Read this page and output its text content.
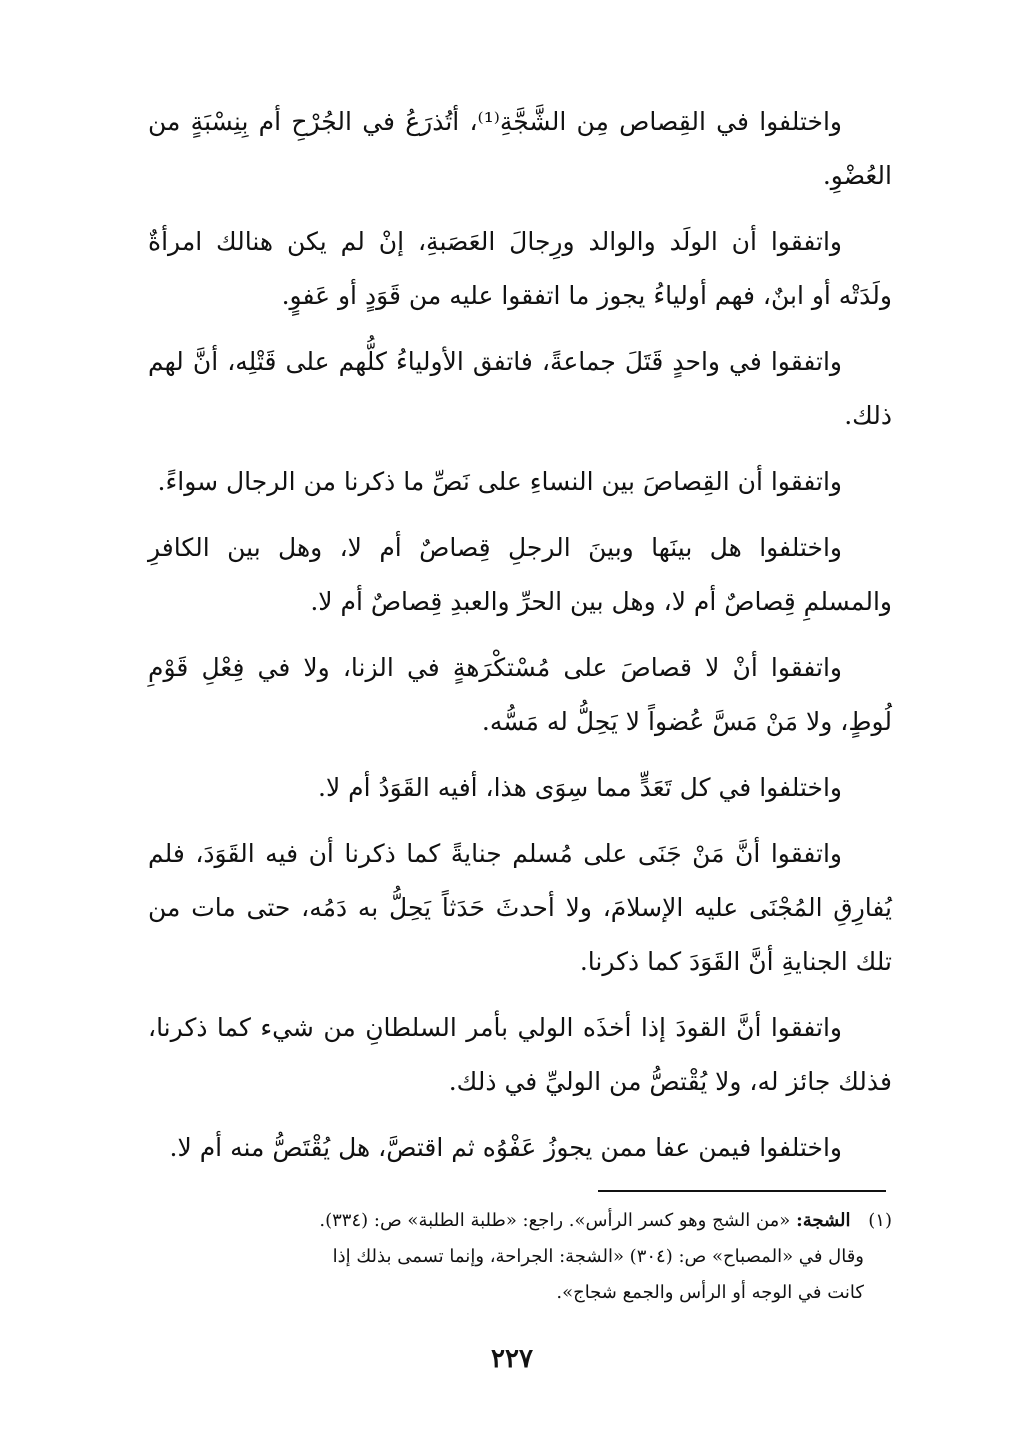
واختلفوا في القِصاص مِن الشَّجَّةِ⁽¹⁾، أتُذرَعُ في الجُرْحِ أم بِنِسْبَةٍ من العُضْوِ.

واتفقوا أن الولَد والوالد ورِجالَ العَصَبةِ، إنْ لم يكن هنالك امرأةٌ ولَدَتْه أو ابنٌ، فهم أولياءُ يجوز ما اتفقوا عليه من قَوَدٍ أو عَفوٍ.

واتفقوا في واحدٍ قَتَلَ جماعةً، فاتفق الأولياءُ كلُّهم على قَتْلِه، أنَّ لهم ذلك.

واتفقوا أن القِصاصَ بين النساءِ على نَصِّ ما ذكرنا من الرجال سواءً.

واختلفوا هل بينَها وبينَ الرجلِ قِصاصٌ أم لا، وهل بين الكافرِ والمسلمِ قِصاصٌ أم لا، وهل بين الحرِّ والعبدِ قِصاصٌ أم لا.

واتفقوا أنْ لا قصاصَ على مُسْتكْرَهةٍ في الزنا، ولا في فِعْلِ قَوْمِ لُوطٍ، ولا مَنْ مَسَّ عُضواً لا يَحِلُّ له مَسُّه.

واختلفوا في كل تَعَدٍّ مما سِوَى هذا، أفيه القَوَدُ أم لا.

واتفقوا أنَّ مَنْ جَنَى على مُسلم جنايةً كما ذكرنا أن فيه القَوَدَ، فلم يُفارِقِ المُجْنَى عليه الإسلامَ، ولا أحدثَ حَدَثاً يَحِلُّ به دَمُه، حتى مات من تلك الجنايةِ أنَّ القَوَدَ كما ذكرنا.

واتفقوا أنَّ القودَ إذا أخذَه الولي بأمر السلطانِ من شيء كما ذكرنا، فذلك جائز له، ولا يُقْتصُّ من الوليِّ في ذلك.

واختلفوا فيمن عفا ممن يجوزُ عَفْوُه ثم اقتصَّ، هل يُقْتَصُّ منه أم لا.

(١) الشجة: «من الشج وهو كسر الرأس». راجع: «طلبة الطلبة» ص: (٣٣٤).

وقال في «المصباح» ص: (٣٠٤) «الشجة: الجراحة، وإنما تسمى بذلك إذا

كانت في الوجه أو الرأس والجمع شجاج».

٢٢٧
